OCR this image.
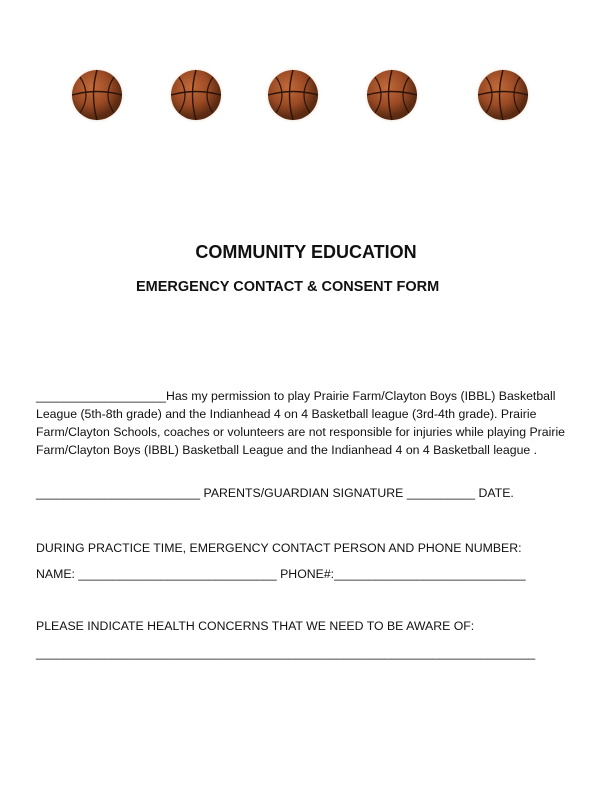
COMMUNITY EDUCATION
EMERGENCY CONTACT & CONSENT FORM
___________________Has my permission to play Prairie Farm/Clayton Boys (IBBL) Basketball League (5th-8th grade) and the Indianhead 4 on 4 Basketball league (3rd-4th grade). Prairie Farm/Clayton Schools, coaches or volunteers are not responsible for injuries while playing Prairie Farm/Clayton Boys (IBBL) Basketball League and the Indianhead 4 on 4 Basketball league .
________________________ PARENTS/GUARDIAN SIGNATURE __________ DATE.
DURING PRACTICE TIME, EMERGENCY CONTACT PERSON AND PHONE NUMBER:
NAME: _____________________________ PHONE#:____________________________
PLEASE INDICATE HEALTH CONCERNS THAT WE NEED TO BE AWARE OF:
_________________________________________________________________________
